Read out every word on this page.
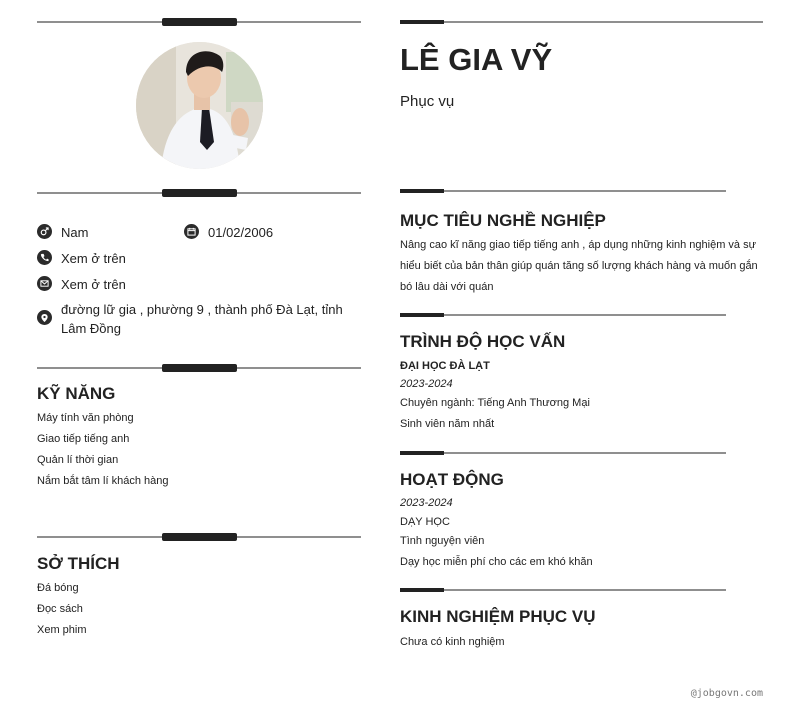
Nam	01/02/2006
Xem ở trên
Xem ở trên
đường lữ gia , phường 9 , thành phố Đà Lạt, tỉnh Lâm Đồng
KỸ NĂNG
Máy tính văn phòng
Giao tiếp tiếng anh
Quản lí thời gian
Nắm bắt tâm lí khách hàng
SỞ THÍCH
Đá bóng
Đọc sách
Xem phim
LÊ GIA VỸ
Phục vụ
MỤC TIÊU NGHỀ NGHIỆP

Nâng cao kĩ năng giao tiếp tiếng anh , áp dụng những kinh nghiệm và sự hiểu biết của bản thân giúp quán tăng số lượng khách hàng và muốn gắn bó lâu dài với quán

TRÌNH ĐỘ HỌC VẤN
ĐẠI HỌC ĐÀ LẠT
2023-2024
Chuyên ngành: Tiếng Anh Thương Mại
Sinh viên năm nhất
HOẠT ĐỘNG
2023-2024
DẠY HỌC
Tình nguyện viên
Dạy học miễn phí cho các em khó khăn
KINH NGHIỆM PHỤC VỤ
Chưa có kinh nghiệm
@jobgovn.com
